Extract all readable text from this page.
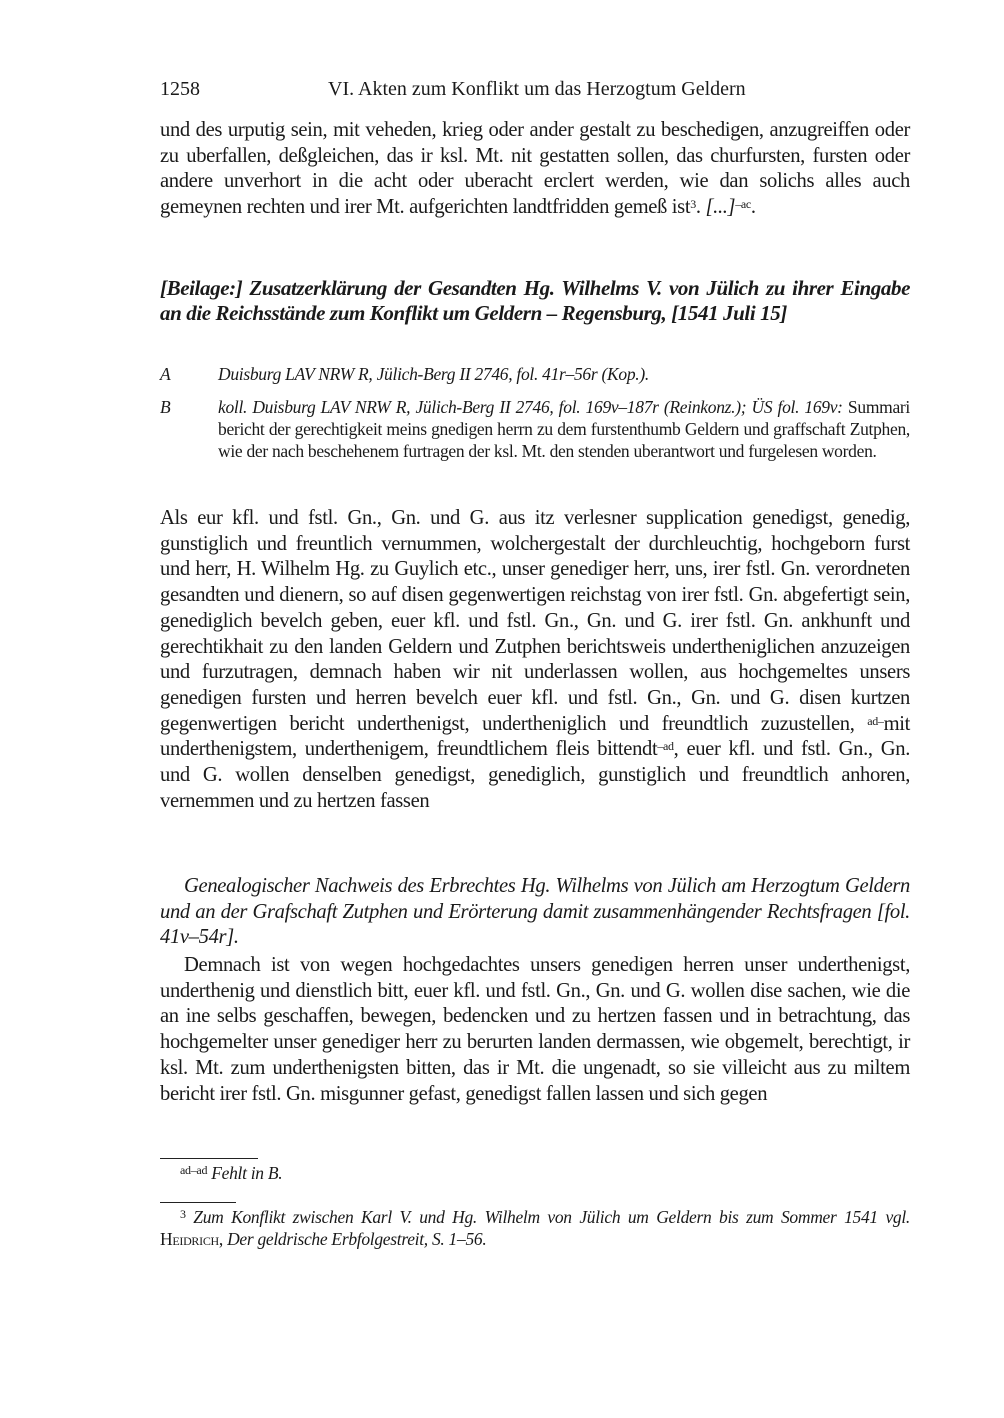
1258	VI. Akten zum Konflikt um das Herzogtum Geldern

und des urputig sein, mit veheden, krieg oder ander gestalt zu beschedigen, anzugreiffen oder zu uberfallen, deßgleichen, das ir ksl. Mt. nit gestatten sollen, das churfursten, fursten oder andere unverhort in die acht oder uberacht erclert werden, wie dan solichs alles auch gemeynen rechten und irer Mt. aufgerichten landtfridden gemeß ist$^3$. [...]$^{-ac}$.

[Beilage:] Zusatzerklärung der Gesandten Hg. Wilhelms V. von Jülich zu ihrer Eingabe an die Reichsstände zum Konflikt um Geldern – Regensburg, [1541 Juli 15]
A	Duisburg LAV NRW R, Jülich-Berg II 2746, fol. 41r–56r (Kop.).
B	koll. Duisburg LAV NRW R, Jülich-Berg II 2746, fol. 169v–187r (Reinkonz.); ÜS fol. 169v: Summari bericht der gerechtigkeit meins gnedigen herrn zu dem furstenthumb Geldern und graffschaft Zutphen, wie der nach beschehenem furtragen der ksl. Mt. den stenden uberantwort und furgelesen worden.

Als eur kfl. und fstl. Gn., Gn. und G. aus itz verlesner supplication genedigst, genedig, gunstiglich und freuntlich vernummen, wolchergestalt der durchleuchtig, hochgeborn furst und herr, H. Wilhelm Hg. zu Guylich etc., unser genediger herr, uns, irer fstl. Gn. verordneten gesandten und dienern, so auf disen gegenwertigen reichstag von irer fstl. Gn. abgefertigt sein, genediglich bevelch geben, euer kfl. und fstl. Gn., Gn. und G. irer fstl. Gn. ankhunft und gerechtikhait zu den landen Geldern und Zutphen berichtsweis undertheniglichen anzuzeigen und furzutragen, demnach haben wir nit underlassen wollen, aus hochgemeltes unsers genedigen fursten und herren bevelch euer kfl. und fstl. Gn., Gn. und G. disen kurtzen gegenwertigen bericht underthenigst, undertheniglich und freundtlich zuzustellen, $^{ad-}$mit underthenigstem, underthenigem, freundtlichem fleis bittendt$^{-ad}$, euer kfl. und fstl. Gn., Gn. und G. wollen denselben genedigst, genediglich, gunstiglich und freundtlich anhoren, vernemmen und zu hertzen fassen

Genealogischer Nachweis des Erbrechtes Hg. Wilhelms von Jülich am Herzogtum Geldern und an der Grafschaft Zutphen und Erörterung damit zusammenhängender Rechtsfragen [fol. 41v–54r].

Demnach ist von wegen hochgedachtes unsers genedigen herren unser underthenigst, underthenig und dienstlich bitt, euer kfl. und fstl. Gn., Gn. und G. wollen dise sachen, wie die an ine selbs geschaffen, bewegen, bedencken und zu hertzen fassen und in betrachtung, das hochgemelter unser genediger herr zu berurten landen dermassen, wie obgemelt, berechtigt, ir ksl. Mt. zum underthenigsten bitten, das ir Mt. die ungenadt, so sie villeicht aus zu miltem bericht irer fstl. Gn. misgunner gefast, genedigst fallen lassen und sich gegen

$^{ad-ad}$ Fehlt in B.
$^3$ Zum Konflikt zwischen Karl V. und Hg. Wilhelm von Jülich um Geldern bis zum Sommer 1541 vgl. Heidrich, Der geldrische Erbfolgestreit, S. 1–56.
